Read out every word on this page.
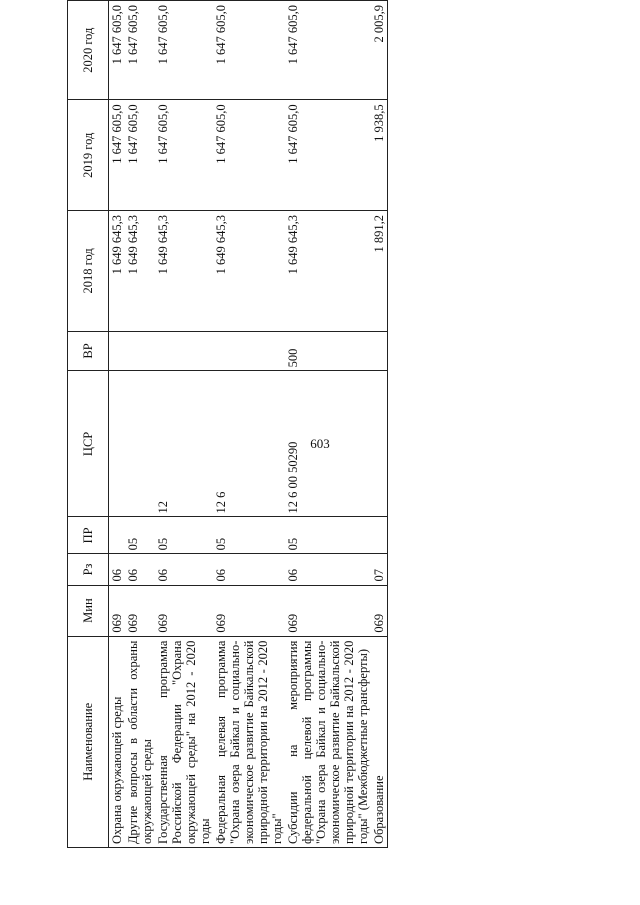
603
Наименование	Мин	Рз	ПР	ЦСР	ВР	2018 год	2019 год	2020 год
Охрана окружающей среды	069	06				1 649 645,3	1 647 605,0	1 647 605,0
Другие вопросы в области охраны окружающей среды	069	06	05			1 649 645,3	1 647 605,0	1 647 605,0
Государственная программа Российской Федерации "Охрана окружающей среды" на 2012 - 2020 годы	069	06	05	12		1 649 645,3	1 647 605,0	1 647 605,0
Федеральная целевая программа "Охрана озера Байкал и социально-экономическое развитие Байкальской природной территории на 2012 - 2020 годы"	069	06	05	12 6		1 649 645,3	1 647 605,0	1 647 605,0
Субсидии на мероприятия федеральной целевой программы "Охрана озера Байкал и социально-экономическое развитие Байкальской природной территории на 2012 - 2020 годы" (Межбюджетные трансферты)	069	06	05	12 6 00 50290	500	1 649 645,3	1 647 605,0	1 647 605,0
Образование	069	07				1 891,2	1 938,5	2 005,9
